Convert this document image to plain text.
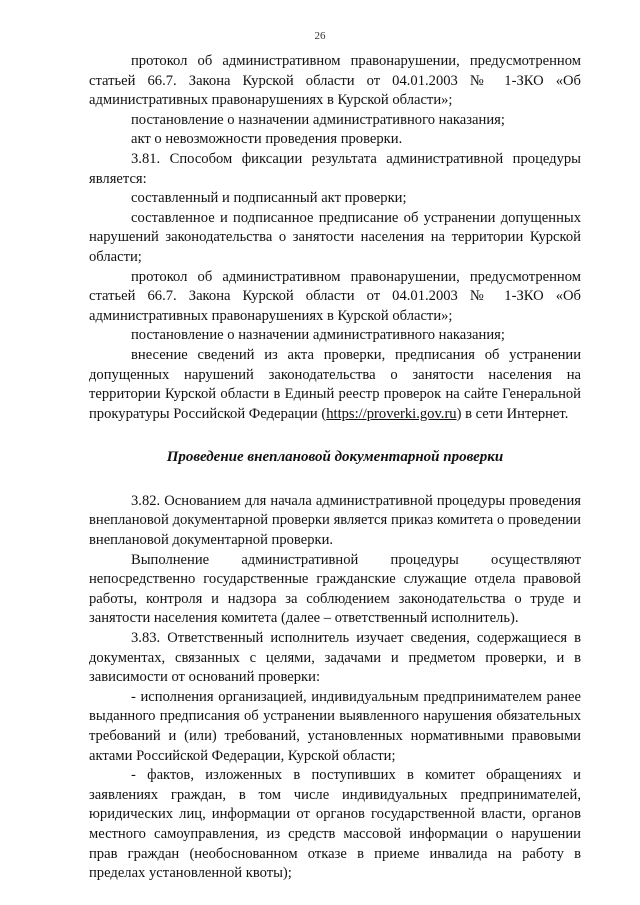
26

протокол об административном правонарушении, предусмотренном статьей 66.7. Закона Курской области от 04.01.2003 № 1-ЗКО «Об административных правонарушениях в Курской области»;

постановление о назначении административного наказания;

акт о невозможности проведения проверки.

3.81. Способом фиксации результата административной процедуры является:

составленный и подписанный акт проверки;

составленное и подписанное предписание об устранении допущенных нарушений законодательства о занятости населения на территории Курской области;

протокол об административном правонарушении, предусмотренном статьей 66.7. Закона Курской области от 04.01.2003 № 1-ЗКО «Об административных правонарушениях в Курской области»;

постановление о назначении административного наказания;

внесение сведений из акта проверки, предписания об устранении допущенных нарушений законодательства о занятости населения на территории Курской области в Единый реестр проверок на сайте Генеральной прокуратуры Российской Федерации (https://proverki.gov.ru) в сети Интернет.

Проведение внеплановой документарной проверки

3.82. Основанием для начала административной процедуры проведения внеплановой документарной проверки является приказ комитета о проведении внеплановой документарной проверки.

Выполнение административной процедуры осуществляют непосредственно государственные гражданские служащие отдела правовой работы, контроля и надзора за соблюдением законодательства о труде и занятости населения комитета (далее – ответственный исполнитель).

3.83. Ответственный исполнитель изучает сведения, содержащиеся в документах, связанных с целями, задачами и предметом проверки, и в зависимости от оснований проверки:

- исполнения организацией, индивидуальным предпринимателем ранее выданного предписания об устранении выявленного нарушения обязательных требований и (или) требований, установленных нормативными правовыми актами Российской Федерации, Курской области;

- фактов, изложенных в поступивших в комитет обращениях и заявлениях граждан, в том числе индивидуальных предпринимателей, юридических лиц, информации от органов государственной власти, органов местного самоуправления, из средств массовой информации о нарушении прав граждан (необоснованном отказе в приеме инвалида на работу в пределах установленной квоты);
